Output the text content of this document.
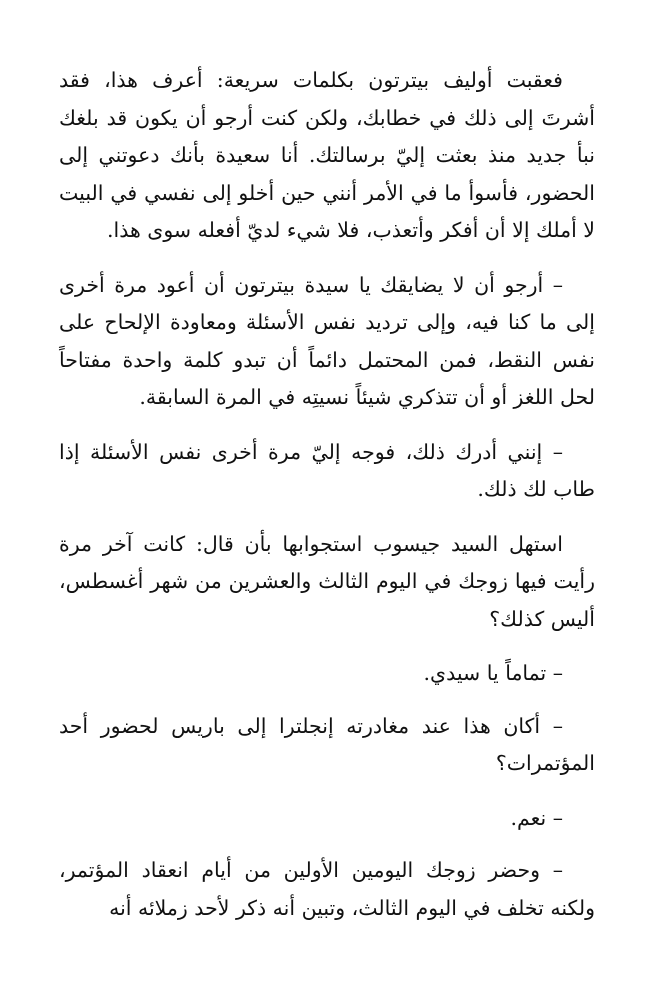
فعقبت أوليف بيترتون بكلمات سريعة: أعرف هذا، فقد أشرتَ إلى ذلك في خطابك، ولكن كنت أرجو أن يكون قد بلغك نبأ جديد منذ بعثت إليّ برسالتك. أنا سعيدة بأنك دعوتني إلى الحضور، فأسوأ ما في الأمر أنني حين أخلو إلى نفسي في البيت لا أملك إلا أن أفكر وأتعذب، فلا شيء لديّ أفعله سوى هذا.

– أرجو أن لا يضايقك يا سيدة بيترتون أن أعود مرة أخرى إلى ما كنا فيه، وإلى ترديد نفس الأسئلة ومعاودة الإلحاح على نفس النقط، فمن المحتمل دائماً أن تبدو كلمة واحدة مفتاحاً لحل اللغز أو أن تتذكري شيئاً نسيتِه في المرة السابقة.

– إنني أدرك ذلك، فوجه إليّ مرة أخرى نفس الأسئلة إذا طاب لك ذلك.

استهل السيد جيسوب استجوابها بأن قال: كانت آخر مرة رأيت فيها زوجك في اليوم الثالث والعشرين من شهر أغسطس، أليس كذلك؟

– تماماً يا سيدي.

– أكان هذا عند مغادرته إنجلترا إلى باريس لحضور أحد المؤتمرات؟

– نعم.

– وحضر زوجك اليومين الأولين من أيام انعقاد المؤتمر، ولكنه تخلف في اليوم الثالث، وتبين أنه ذكر لأحد زملائه أنه
